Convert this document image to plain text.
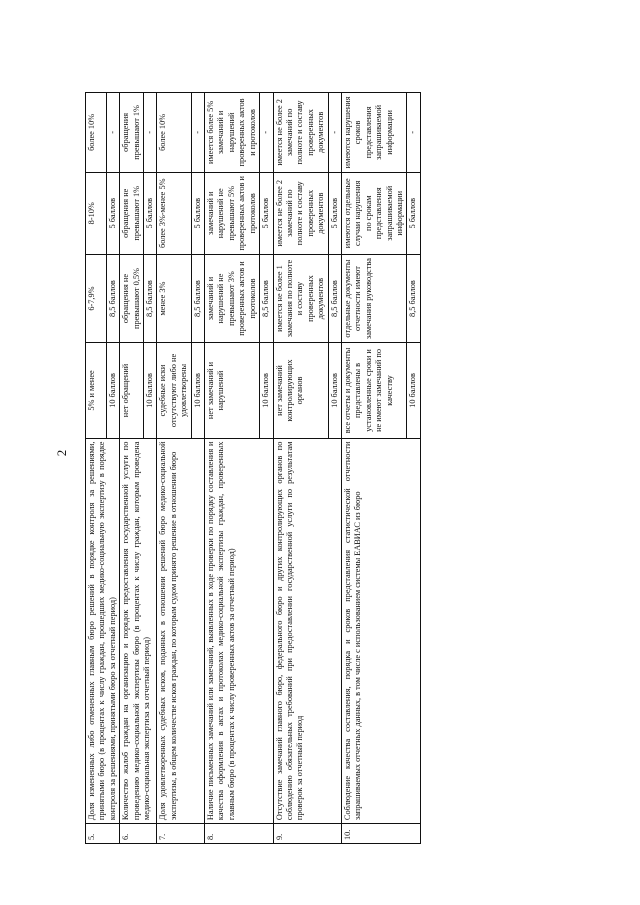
2
5.	Доля измененных либо отмененных главным бюро решений в порядке контроля за решениями, принятыми бюро (в процентах к числу граждан, прошедших медико-социальную экспертизу в порядке контроля за решениями, принятыми бюро за отчетный период)	5% и менее	6-7,9%	8-10%	более 10%
		10 баллов	8,5 баллов	5 баллов	-
6.	Количество жалоб граждан на организацию и порядок предоставления государственной услуги по проведению медико-социальной экспертизы бюро (в процентах к числу граждан, которым проведена медико-социальная экспертиза за отчетный период)	нет обращений	обращения не превышают 0,5%	обращения не превышают 1%	обращения превышают 1%
		10 баллов	8,5 баллов	5 баллов	-
7.	Доля удовлетворенных судебных исков, поданных в отношении решений бюро медико-социальной экспертизы, в общем количестве исков граждан, по которым судом принято решение в отношении бюро	судебные иски отсутствуют либо не удовлетворены	менее 3%	более 3%-менее 5%	более 10%
		10 баллов	8,5 баллов	5 баллов	-
8.	Наличие письменных замечаний или замечаний, выявленных в ходе проверки по порядку составления и качества оформления в актах и протоколах медико-социальной экспертизы граждан, проверенных главным бюро (в процентах к числу проверенных актов за отчетный период)	нет замечаний и нарушений	замечаний и нарушений не превышают 3% проверенных актов и протоколов	замечаний и нарушений не превышают 5% проверенных актов и протоколов	имеется более 5% замечаний и нарушений проверенных актов и протоколов
		10 баллов	8,5 баллов	5 баллов	-
9.	Отсутствие замечаний главного бюро, федерального бюро и других контролирующих органов по соблюдению обязательных требований при предоставлении государственной услуги по результатам проверок за отчетный период	нет замечаний контролирующих органов	имеется не более 1 замечания по полноте и составу проверенных документов	имеется не более 2 замечаний по полноте и составу проверенных документов	имеется не более 2 замечаний по полноте и составу проверенных документов
		10 баллов	8,5 баллов	5 баллов	-
10.	Соблюдение качества составления, порядка и сроков представления статистической отчетности запрашиваемых отчетных данных, в том числе с использованием системы ЕАВИАС из бюро	все отчеты и документы представлены в установленные сроки и не имеют замечаний по качеству	отдельные документы отчетности имеют замечания руководства	имеются отдельные случаи нарушения по срокам представления запрашиваемой информации	имеются нарушения сроков представления запрашиваемой информации
		10 баллов	8,5 баллов	5 баллов	-
